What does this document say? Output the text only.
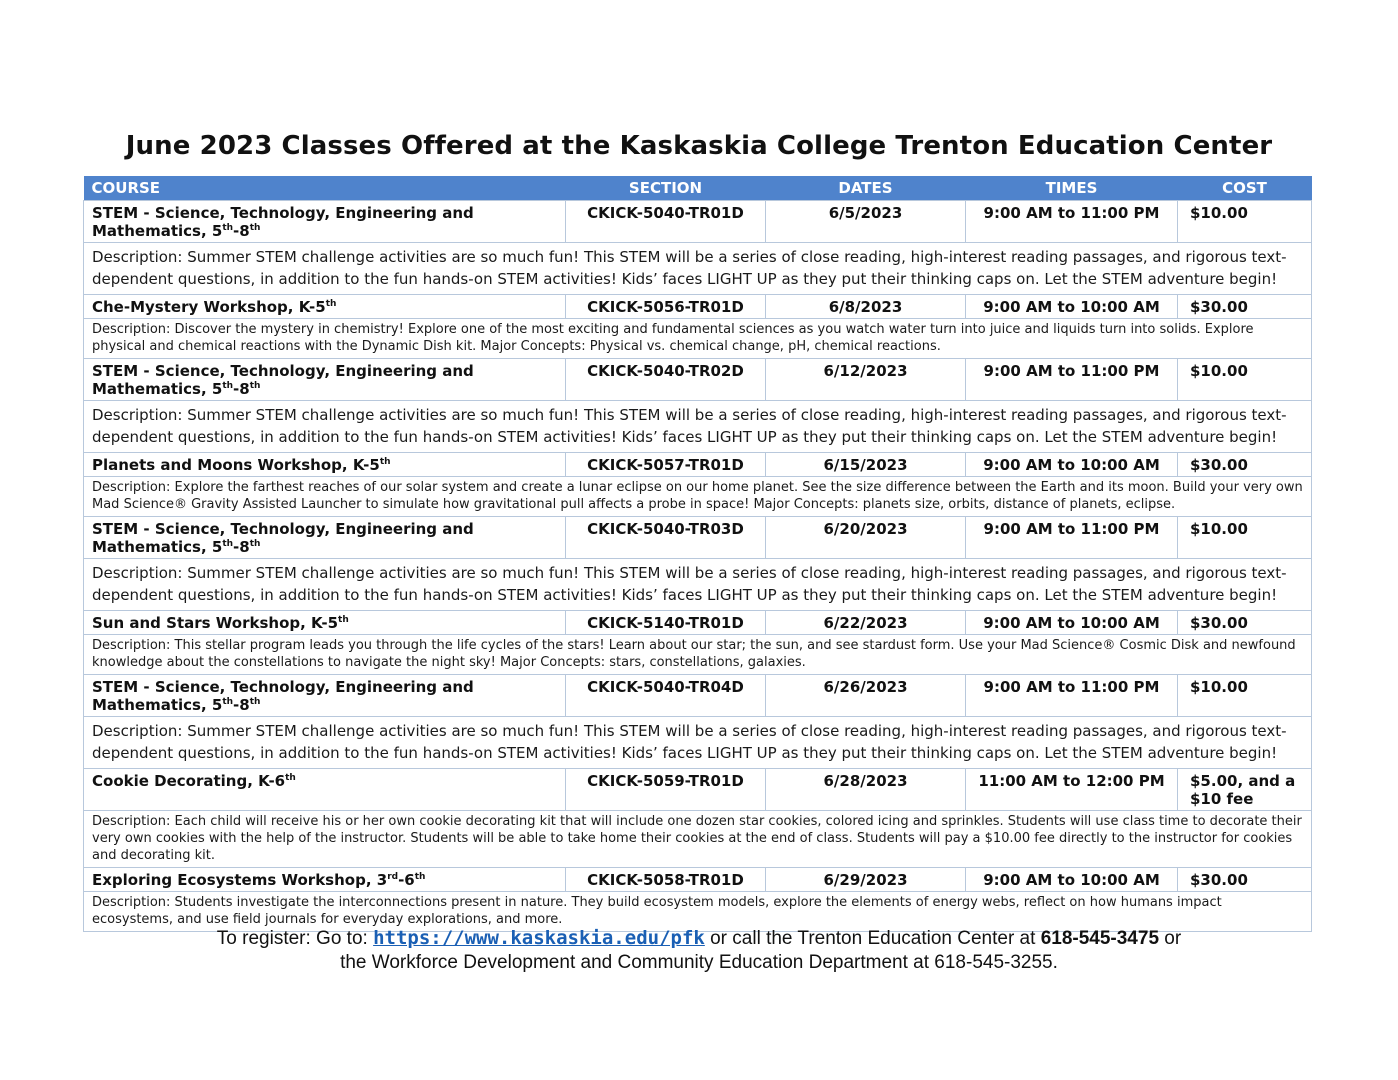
June 2023 Classes Offered at the Kaskaskia College Trenton Education Center
COURSE	SECTION	DATES	TIMES	COST
STEM - Science, Technology, Engineering and Mathematics, 5th-8th	CKICK-5040-TR01D	6/5/2023	9:00 AM to 11:00 PM	$10.00
Description: Summer STEM challenge activities are so much fun! This STEM will be a series of close reading, high-interest reading passages, and rigorous text-dependent questions, in addition to the fun hands-on STEM activities! Kids’ faces LIGHT UP as they put their thinking caps on. Let the STEM adventure begin!				
Che-Mystery Workshop, K-5th	CKICK-5056-TR01D	6/8/2023	9:00 AM to 10:00 AM	$30.00
Description: Discover the mystery in chemistry! Explore one of the most exciting and fundamental sciences as you watch water turn into juice and liquids turn into solids. Explore physical and chemical reactions with the Dynamic Dish kit. Major Concepts: Physical vs. chemical change, pH, chemical reactions.				
STEM - Science, Technology, Engineering and Mathematics, 5th-8th	CKICK-5040-TR02D	6/12/2023	9:00 AM to 11:00 PM	$10.00
Description: Summer STEM challenge activities are so much fun! This STEM will be a series of close reading, high-interest reading passages, and rigorous text-dependent questions, in addition to the fun hands-on STEM activities! Kids’ faces LIGHT UP as they put their thinking caps on. Let the STEM adventure begin!				
Planets and Moons Workshop, K-5th	CKICK-5057-TR01D	6/15/2023	9:00 AM to 10:00 AM	$30.00
Description: Explore the farthest reaches of our solar system and create a lunar eclipse on our home planet. See the size difference between the Earth and its moon. Build your very own Mad Science® Gravity Assisted Launcher to simulate how gravitational pull affects a probe in space! Major Concepts: planets size, orbits, distance of planets, eclipse.				
STEM - Science, Technology, Engineering and Mathematics, 5th-8th	CKICK-5040-TR03D	6/20/2023	9:00 AM to 11:00 PM	$10.00
Description: Summer STEM challenge activities are so much fun! This STEM will be a series of close reading, high-interest reading passages, and rigorous text-dependent questions, in addition to the fun hands-on STEM activities! Kids’ faces LIGHT UP as they put their thinking caps on. Let the STEM adventure begin!				
Sun and Stars Workshop, K-5th	CKICK-5140-TR01D	6/22/2023	9:00 AM to 10:00 AM	$30.00
Description: This stellar program leads you through the life cycles of the stars! Learn about our star; the sun, and see stardust form. Use your Mad Science® Cosmic Disk and newfound knowledge about the constellations to navigate the night sky! Major Concepts: stars, constellations, galaxies.				
STEM - Science, Technology, Engineering and Mathematics, 5th-8th	CKICK-5040-TR04D	6/26/2023	9:00 AM to 11:00 PM	$10.00
Description: Summer STEM challenge activities are so much fun! This STEM will be a series of close reading, high-interest reading passages, and rigorous text-dependent questions, in addition to the fun hands-on STEM activities! Kids’ faces LIGHT UP as they put their thinking caps on. Let the STEM adventure begin!				
Cookie Decorating, K-6th	CKICK-5059-TR01D	6/28/2023	11:00 AM to 12:00 PM	$5.00, and a $10 fee
Description: Each child will receive his or her own cookie decorating kit that will include one dozen star cookies, colored icing and sprinkles. Students will use class time to decorate their very own cookies with the help of the instructor. Students will be able to take home their cookies at the end of class. Students will pay a $10.00 fee directly to the instructor for cookies and decorating kit.				
Exploring Ecosystems Workshop, 3rd-6th	CKICK-5058-TR01D	6/29/2023	9:00 AM to 10:00 AM	$30.00
Description: Students investigate the interconnections present in nature. They build ecosystem models, explore the elements of energy webs, reflect on how humans impact ecosystems, and use field journals for everyday explorations, and more.				
To register: Go to: https://www.kaskaskia.edu/pfk or call the Trenton Education Center at 618-545-3475 or
the Workforce Development and Community Education Department at 618-545-3255.
